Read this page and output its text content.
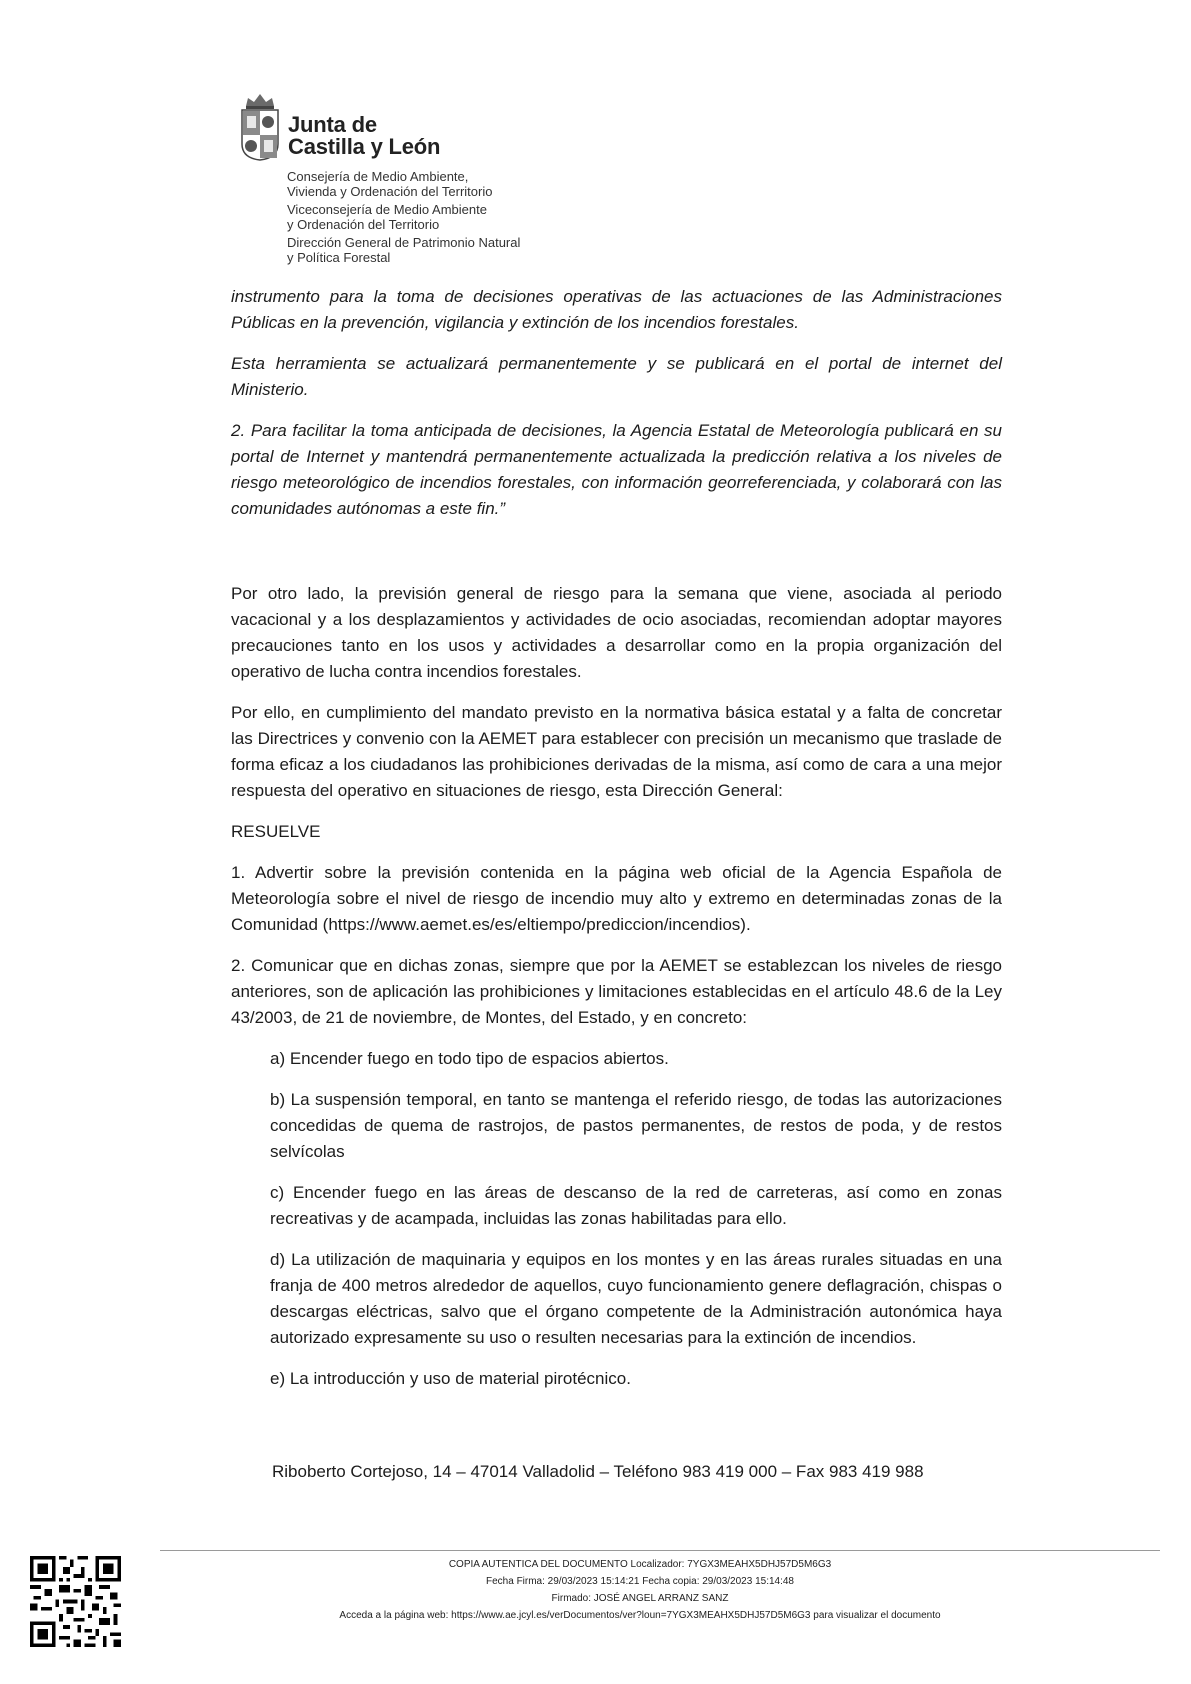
Junta de
Castilla y León
Consejería de Medio Ambiente,
Vivienda y Ordenación del Territorio
Viceconsejería de Medio Ambiente
y Ordenación del Territorio
Dirección General de Patrimonio Natural
y Política Forestal

instrumento para la toma de decisiones operativas de las actuaciones de las Administraciones Públicas en la prevención, vigilancia y extinción de los incendios forestales.

Esta herramienta se actualizará permanentemente y se publicará en el portal de internet del Ministerio.

2. Para facilitar la toma anticipada de decisiones, la Agencia Estatal de Meteorología publicará en su portal de Internet y mantendrá permanentemente actualizada la predicción relativa a los niveles de riesgo meteorológico de incendios forestales, con información georreferenciada, y colaborará con las comunidades autónomas a este fin.”

Por otro lado, la previsión general de riesgo para la semana que viene, asociada al periodo vacacional y a los desplazamientos y actividades de ocio asociadas, recomiendan adoptar mayores precauciones tanto en los usos y actividades a desarrollar como en la propia organización del operativo de lucha contra incendios forestales.

Por ello, en cumplimiento del mandato previsto en la normativa básica estatal y a falta de concretar las Directrices y convenio con la AEMET para establecer con precisión un mecanismo que traslade de forma eficaz a los ciudadanos las prohibiciones derivadas de la misma, así como de cara a una mejor respuesta del operativo en situaciones de riesgo, esta Dirección General:

RESUELVE

1. Advertir sobre la previsión contenida en la página web oficial de la Agencia Española de Meteorología sobre el nivel de riesgo de incendio muy alto y extremo en determinadas zonas de la Comunidad (https://www.aemet.es/es/eltiempo/prediccion/incendios).

2. Comunicar que en dichas zonas, siempre que por la AEMET se establezcan los niveles de riesgo anteriores, son de aplicación las prohibiciones y limitaciones establecidas en el artículo 48.6 de la Ley 43/2003, de 21 de noviembre, de Montes, del Estado, y en concreto:

a) Encender fuego en todo tipo de espacios abiertos.

b) La suspensión temporal, en tanto se mantenga el referido riesgo, de todas las autorizaciones concedidas de quema de rastrojos, de pastos permanentes, de restos de poda, y de restos selvícolas

c) Encender fuego en las áreas de descanso de la red de carreteras, así como en zonas recreativas y de acampada, incluidas las zonas habilitadas para ello.

d) La utilización de maquinaria y equipos en los montes y en las áreas rurales situadas en una franja de 400 metros alrededor de aquellos, cuyo funcionamiento genere deflagración, chispas o descargas eléctricas, salvo que el órgano competente de la Administración autonómica haya autorizado expresamente su uso o resulten necesarias para la extinción de incendios.

e) La introducción y uso de material pirotécnico.

Riboberto Cortejoso, 14 – 47014 Valladolid – Teléfono 983 419 000 – Fax 983 419 988
COPIA AUTENTICA DEL DOCUMENTO Localizador: 7YGX3MEAHX5DHJ57D5M6G3
Fecha Firma: 29/03/2023 15:14:21 Fecha copia: 29/03/2023 15:14:48
Firmado: JOSÉ ANGEL ARRANZ SANZ
Acceda a la página web: https://www.ae.jcyl.es/verDocumentos/ver?loun=7YGX3MEAHX5DHJ57D5M6G3 para visualizar el documento
